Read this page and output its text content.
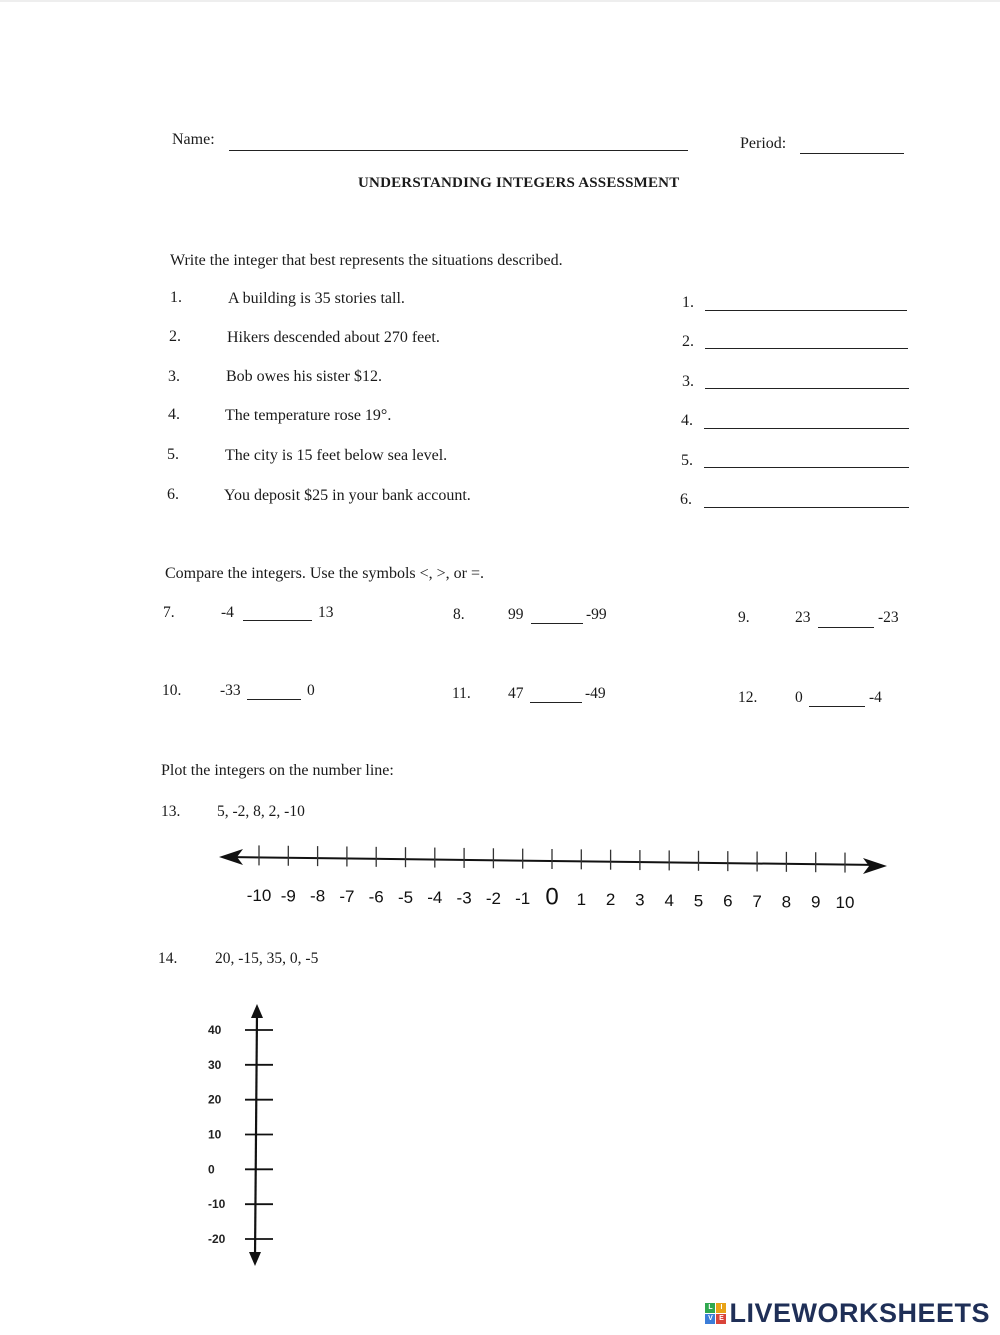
Name:	Period:
UNDERSTANDING INTEGERS ASSESSMENT
Write the integer that best represents the situations described.
1.	A building is 35 stories tall.	1.
2.	Hikers descended about 270 feet.	2.
3.	Bob owes his sister $12.	3.
4.	The temperature rose 19°.	4.
5.	The city is 15 feet below sea level.	5.
6.	You deposit $25 in your bank account.	6.
Compare the integers. Use the symbols <, >, or =.
7.	-4	13	8.	99	-99	9.	23	-23
10. -33	0	11. 47	-49	12. 0	-4
Plot the integers on the number line:
13. 5, -2, 8, 2, -10
-10 -9 -8 -7 -6 -5 -4 -3 -2 -1 0 1 2 3 4 5 6 7 8 9 10
14. 20, -15, 35, 0, -5
40
30
20
10
0
-10
-20
L	I
V E LIVEWORKSHEETS
